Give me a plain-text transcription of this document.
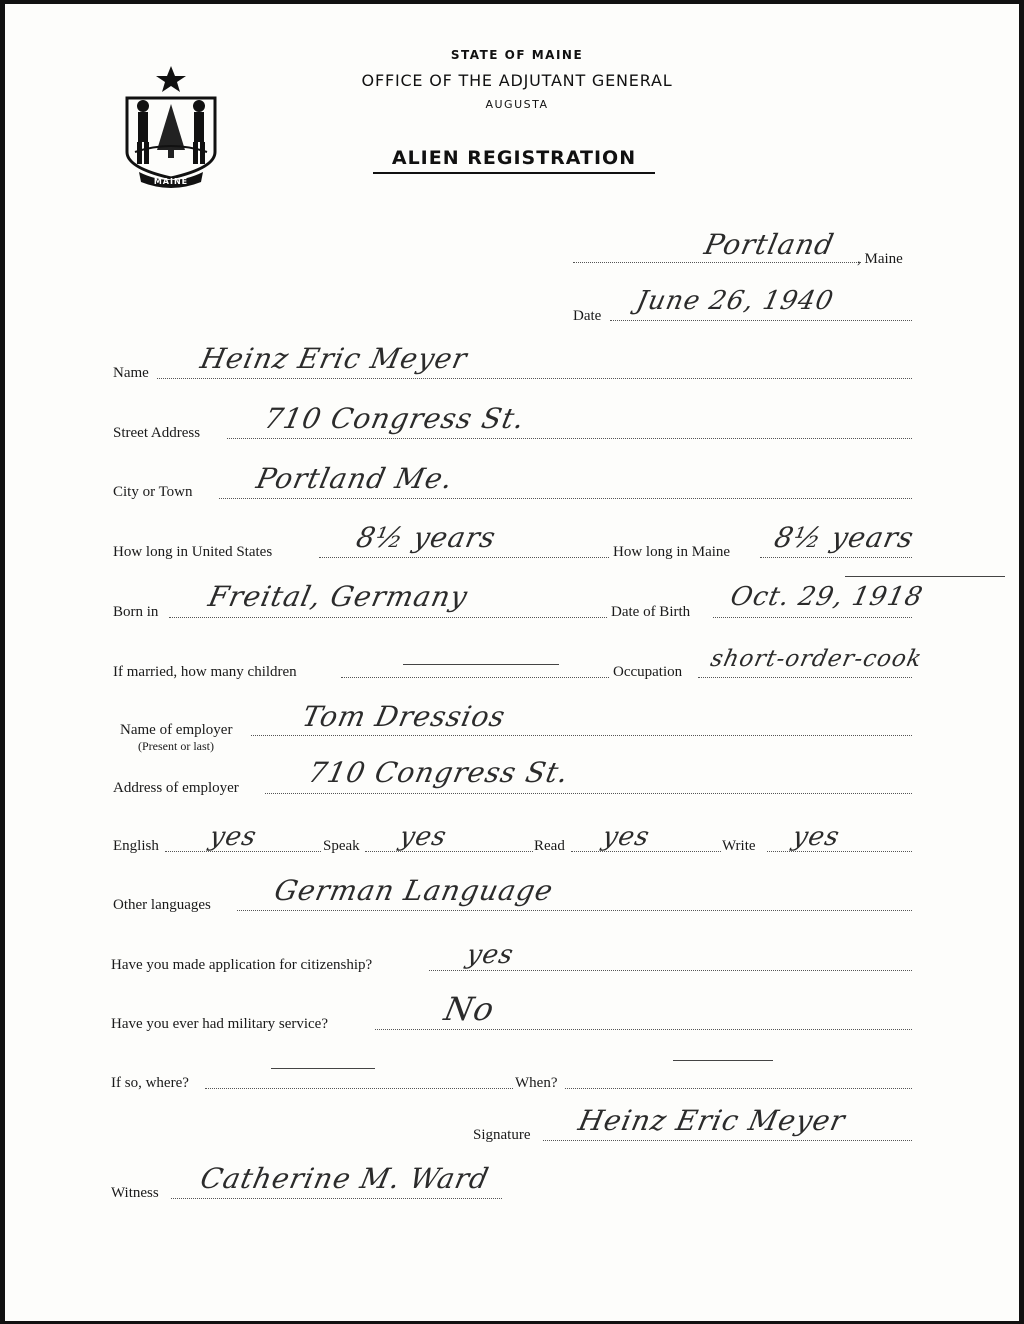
MAINE
STATE OF MAINE
OFFICE OF THE ADJUTANT GENERAL
AUGUSTA
ALIEN REGISTRATION
Portland , Maine
Date June 26, 1940
Name Heinz Eric Meyer
Street Address 710 Congress St.
City or Town Portland Me.
How long in United States	8½ years	How long in Maine 8½ years
Born in Freital, Germany	Date of Birth Oct. 29, 1918
If married, how many children	Occupation short-order-cook
Name of employer
(Present or last)
Tom Dressios
Address of employer 710 Congress St.
English yes	Speak yes	Read yes	Write yes
Other languages German Language
Have you made application for citizenship?	yes
Have you ever had military service?	No
If so, where?	When?
Signature Heinz Eric Meyer
Witness Catherine M. Ward
